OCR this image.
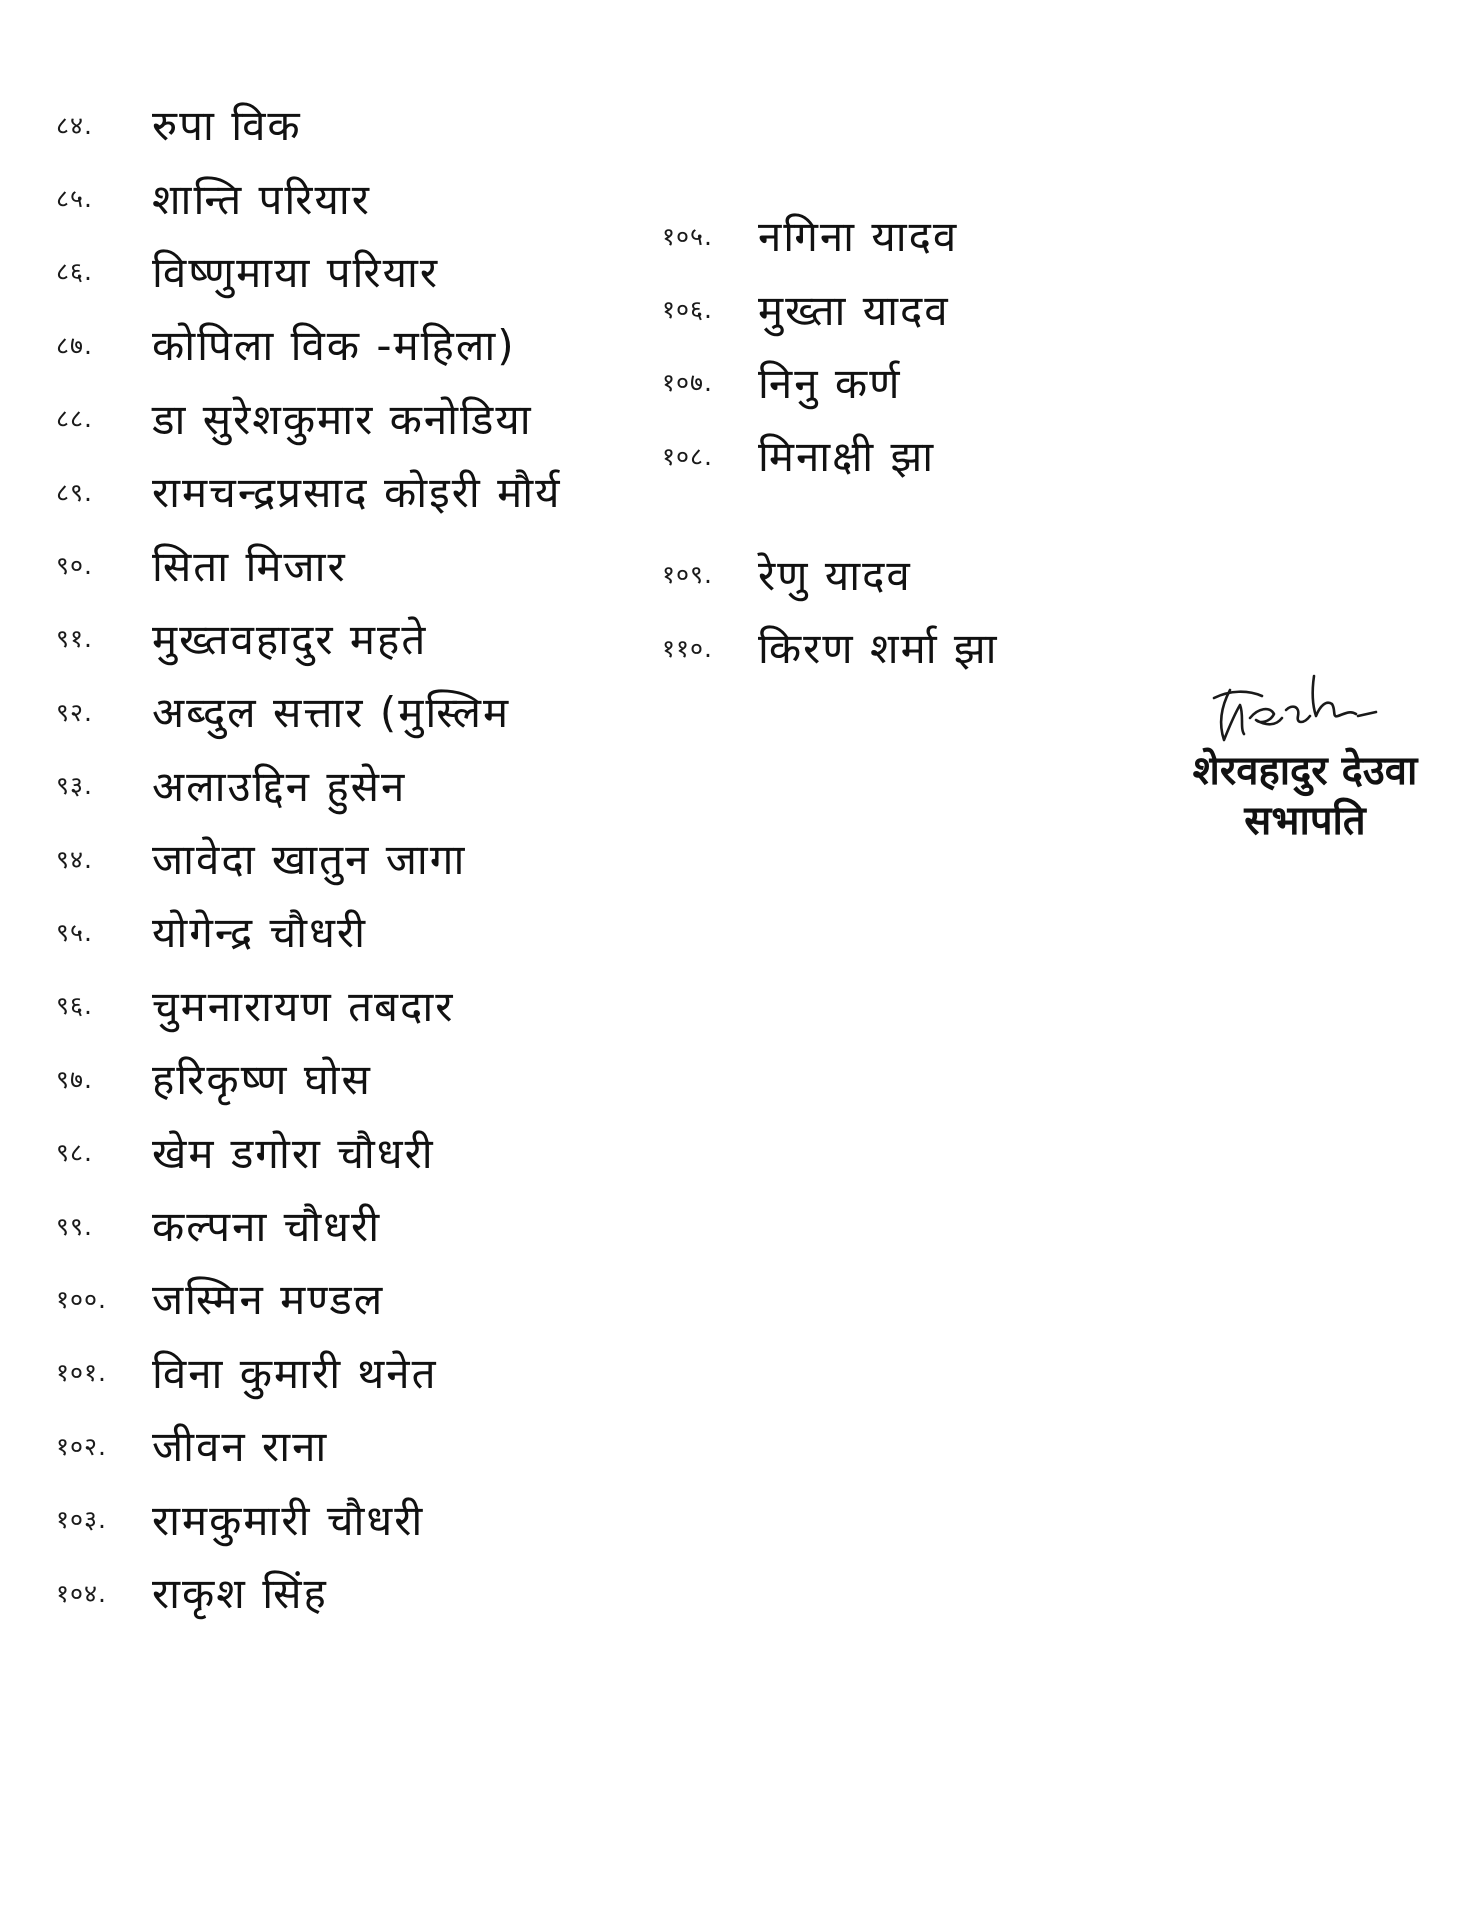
८४.	रुपा विक
८५.	शान्ति परियार
८६.	विष्णुमाया परियार
८७.	कोपिला विक -महिला)
८८.	डा सुरेशकुमार कनोडिया
८९.	रामचन्द्रप्रसाद कोइरी मौर्य
९०.	सिता मिजार
९१.	मुख्तवहादुर महते
९२.	अब्दुल सत्तार (मुस्लिम
९३.	अलाउद्दिन हुसेन
९४.	जावेदा खातुन जागा
९५.	योगेन्द्र चौधरी
९६.	चुमनारायण तबदार
९७.	हरिकृष्ण घोस
९८.	खेम डगोरा चौधरी
९९.	कल्पना चौधरी
१००.	जस्मिन मण्डल
१०१.	विना कुमारी थनेत
१०२.	जीवन राना
१०३.	रामकुमारी चौधरी
१०४.	राकृश सिंह
१०५.	नगिना यादव
१०६.	मुख्ता यादव
१०७.	निनु कर्ण
१०८.	मिनाक्षी झा
१०९.	रेणु यादव
११०.	किरण शर्मा झा
शेरवहादुर देउवा
सभापति
